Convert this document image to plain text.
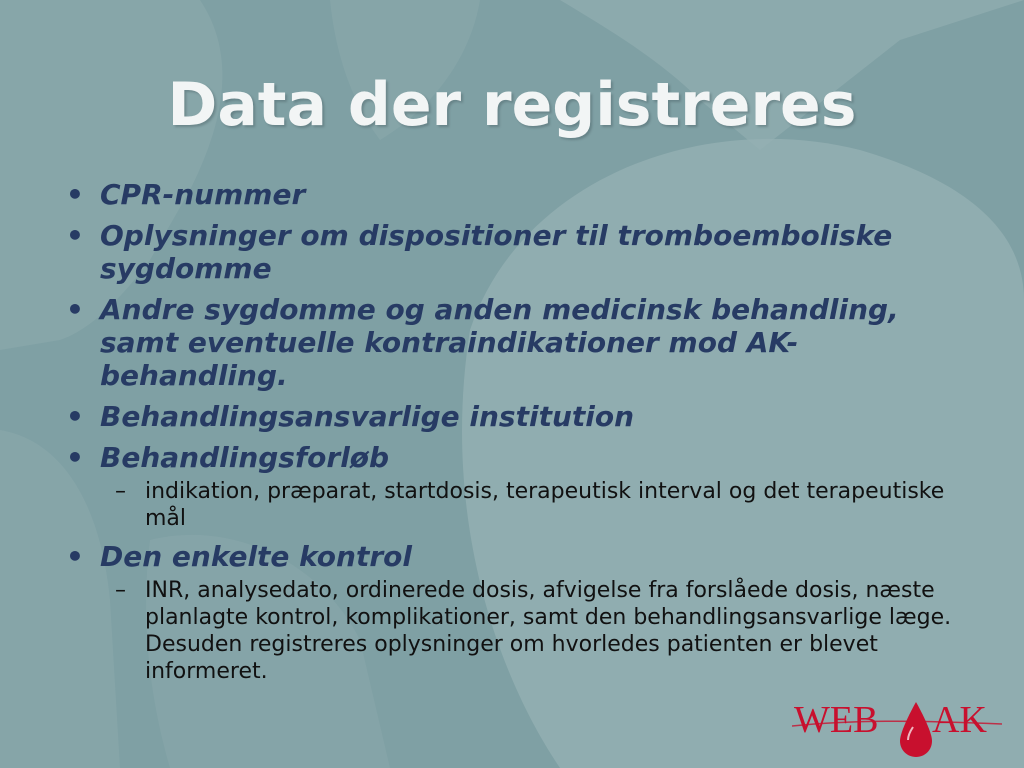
Data der registreres
• CPR-nummer
• Oplysninger om dispositioner til tromboemboliske sygdomme
• Andre sygdomme og anden medicinsk behandling, samt eventuelle kontraindikationer mod AK-behandling.
• Behandlingsansvarlige institution
• Behandlingsforløb
– indikation, præparat, startdosis, terapeutisk interval og det terapeutiske mål
• Den enkelte kontrol
– INR, analysedato, ordinerede dosis, afvigelse fra forslåede dosis, næste planlagte kontrol, komplikationer, samt den behandlingsansvarlige læge. Desuden registreres oplysninger om hvorledes patienten er blevet informeret.
WEB AK
